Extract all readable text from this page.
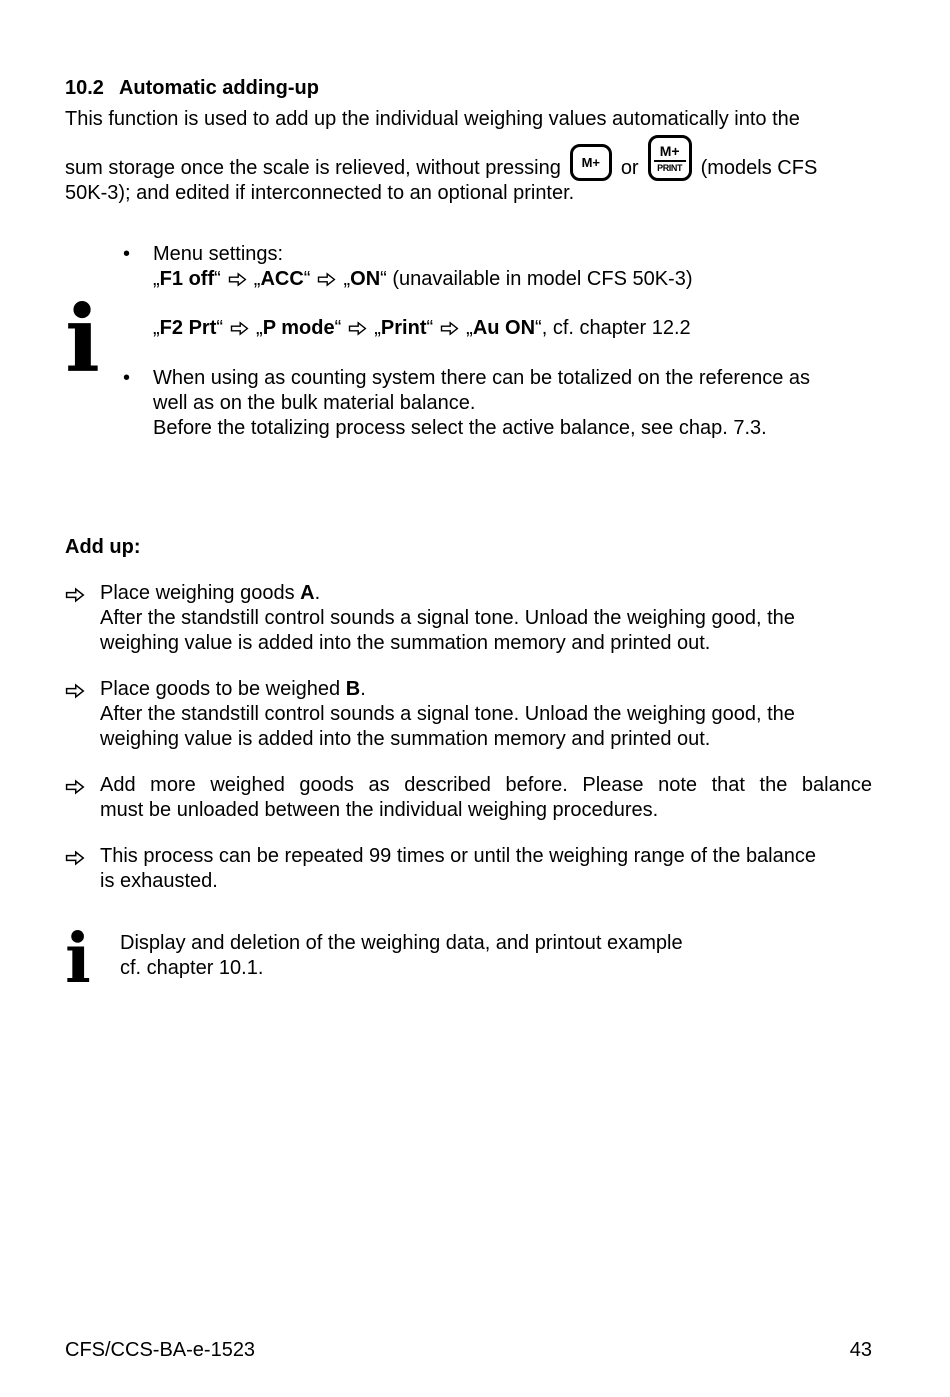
10.2 Automatic adding-up
This function is used to add up the individual weighing values automatically into the
sum storage once the scale is relieved, without pressing M+ or
M+
PRINT (models CFS
50K-3); and edited if interconnected to an optional printer.
i
•	Menu settings:
„F1 off“ „ACC“ „ON“ (unavailable in model CFS 50K-3)
„F2 Prt“ „P mode“ „Print“ „Au ON“, cf. chapter 12.2
•	When using as counting system there can be totalized on the reference as
well as on the bulk material balance.
Before the totalizing process select the active balance, see chap. 7.3.
Add up:
Place weighing goods A.
After the standstill control sounds a signal tone. Unload the weighing good, the
weighing value is added into the summation memory and printed out.
Place goods to be weighed B.
After the standstill control sounds a signal tone. Unload the weighing good, the
weighing value is added into the summation memory and printed out.
Add more weighed goods as described before. Please note that the balance
must be unloaded between the individual weighing procedures.
This process can be repeated 99 times or until the weighing range of the balance
is exhausted.
i	Display and deletion of the weighing data, and printout example
cf. chapter 10.1.
CFS/CCS-BA-e-1523	43
